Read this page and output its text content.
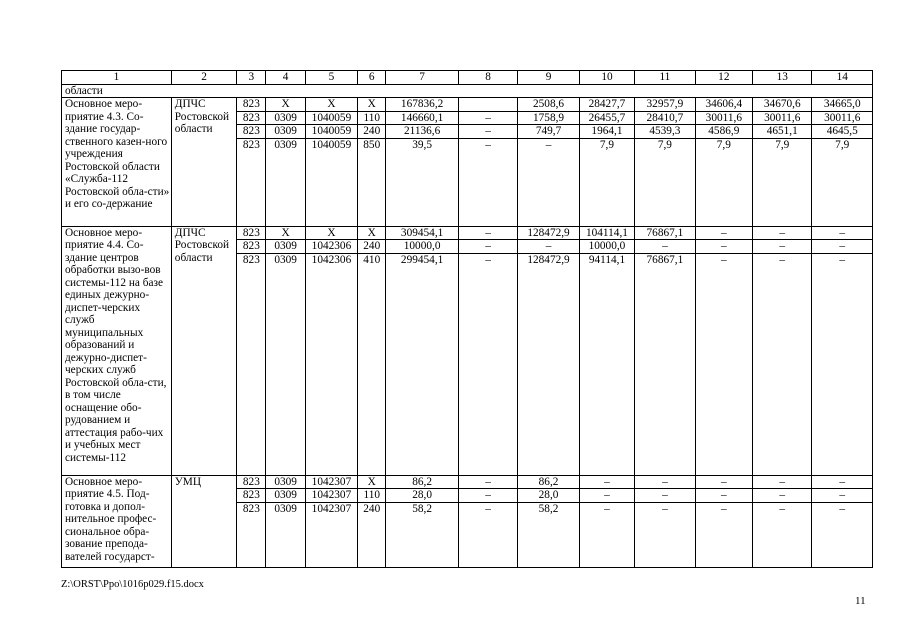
1	2	3	4	5	6	7	8	9	10	11	12	13	14
области													
Основное меро-приятие 4.3. Со-здание государ-ственного казен-ного учреждения Ростовской области «Служба-112 Ростовской обла-сти» и его со-держание	ДПЧС Ростовской области	823	X	X	X	167836,2		2508,6	28427,7	32957,9	34606,4	34670,6	34665,0
		823	0309	1040059	110	146660,1	–	1758,9	26455,7	28410,7	30011,6	30011,6	30011,6
		823	0309	1040059	240	21136,6	–	749,7	1964,1	4539,3	4586,9	4651,1	4645,5
		823	0309	1040059	850	39,5	–	–	7,9	7,9	7,9	7,9	7,9
Основное меро-приятие 4.4. Со-здание центров обработки вызо-вов системы-112 на базе единых дежурно-диспет-черских служб муниципальных образований и дежурно-диспет-черских служб Ростовской обла-сти, в том числе оснащение обо-рудованием и аттестация рабо-чих и учебных мест системы-112	ДПЧС Ростовской области	823	X	X	X	309454,1	–	128472,9	104114,1	76867,1	–	–	–
		823	0309	1042306	240	10000,0	–	–	10000,0	–	–	–	–
		823	0309	1042306	410	299454,1	–	128472,9	94114,1	76867,1	–	–	–
Основное меро-приятие 4.5. Под-готовка и допол-нительное профес-сиональное обра-зование препода-вателей государст-	УМЦ	823	0309	1042307	X	86,2	–	86,2	–	–	–	–	–
		823	0309	1042307	110	28,0	–	28,0	–	–	–	–	–
		823	0309	1042307	240	58,2	–	58,2	–	–	–	–	–
Z:\ORST\Ppo\1016p029.f15.docx
11
